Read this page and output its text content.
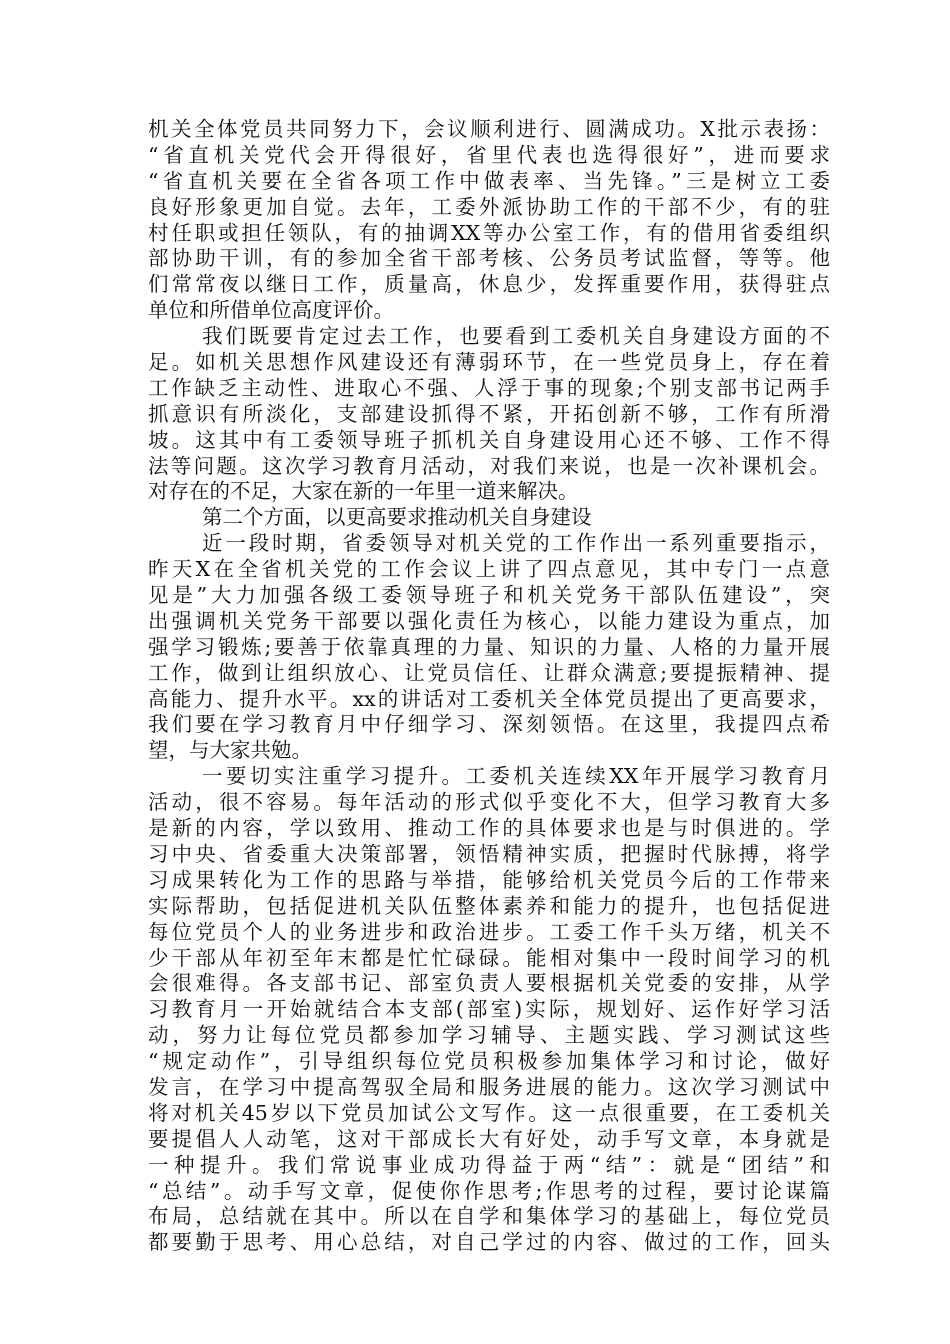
机关全体党员共同努力下，会议顺利进行、圆满成功。X批示表扬：
“省直机关党代会开得很好，省里代表也选得很好”，进而要求
“省直机关要在全省各项工作中做表率、当先锋。”三是树立工委
良好形象更加自觉。去年，工委外派协助工作的干部不少，有的驻
村任职或担任领队，有的抽调XX等办公室工作，有的借用省委组织
部协助干训，有的参加全省干部考核、公务员考试监督，等等。他
们常常夜以继日工作，质量高，休息少，发挥重要作用，获得驻点
单位和所借单位高度评价。
我们既要肯定过去工作，也要看到工委机关自身建设方面的不
足。如机关思想作风建设还有薄弱环节，在一些党员身上，存在着
工作缺乏主动性、进取心不强、人浮于事的现象;个别支部书记两手
抓意识有所淡化，支部建设抓得不紧，开拓创新不够，工作有所滑
坡。这其中有工委领导班子抓机关自身建设用心还不够、工作不得
法等问题。这次学习教育月活动，对我们来说，也是一次补课机会。
对存在的不足，大家在新的一年里一道来解决。
第二个方面，以更高要求推动机关自身建设
近一段时期，省委领导对机关党的工作作出一系列重要指示，
昨天X在全省机关党的工作会议上讲了四点意见，其中专门一点意
见是”大力加强各级工委领导班子和机关党务干部队伍建设”，突
出强调机关党务干部要以强化责任为核心，以能力建设为重点，加
强学习锻炼;要善于依靠真理的力量、知识的力量、人格的力量开展
工作，做到让组织放心、让党员信任、让群众满意;要提振精神、提
高能力、提升水平。xx的讲话对工委机关全体党员提出了更高要求，
我们要在学习教育月中仔细学习、深刻领悟。在这里，我提四点希
望，与大家共勉。
一要切实注重学习提升。工委机关连续XX年开展学习教育月
活动，很不容易。每年活动的形式似乎变化不大，但学习教育大多
是新的内容，学以致用、推动工作的具体要求也是与时俱进的。学
习中央、省委重大决策部署，领悟精神实质，把握时代脉搏，将学
习成果转化为工作的思路与举措，能够给机关党员今后的工作带来
实际帮助，包括促进机关队伍整体素养和能力的提升，也包括促进
每位党员个人的业务进步和政治进步。工委工作千头万绪，机关不
少干部从年初至年末都是忙忙碌碌。能相对集中一段时间学习的机
会很难得。各支部书记、部室负责人要根据机关党委的安排，从学
习教育月一开始就结合本支部(部室)实际，规划好、运作好学习活
动，努力让每位党员都参加学习辅导、主题实践、学习测试这些
“规定动作”，引导组织每位党员积极参加集体学习和讨论，做好
发言，在学习中提高驾驭全局和服务进展的能力。这次学习测试中
将对机关45岁以下党员加试公文写作。这一点很重要，在工委机关
要提倡人人动笔，这对干部成长大有好处，动手写文章，本身就是
一种提升。我们常说事业成功得益于两“结”：就是“团结”和
“总结”。动手写文章，促使你作思考;作思考的过程，要讨论谋篇
布局，总结就在其中。所以在自学和集体学习的基础上，每位党员
都要勤于思考、用心总结，对自己学过的内容、做过的工作，回头
